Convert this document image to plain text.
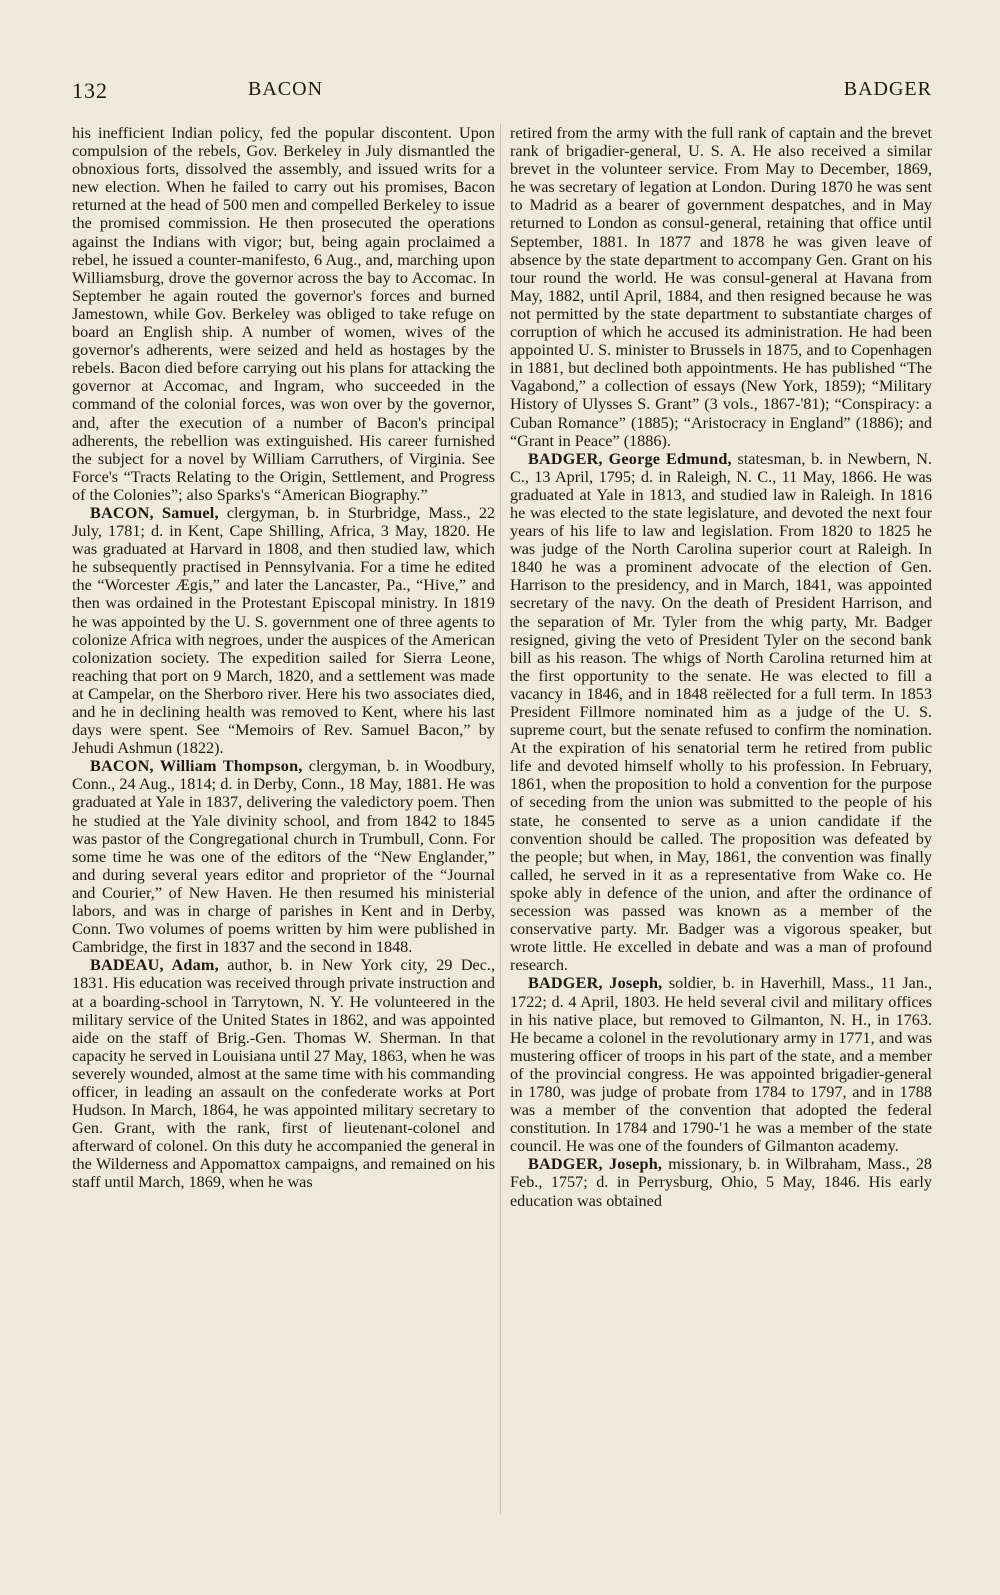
132	BACON	BADGER

his inefficient Indian policy, fed the popular discontent. Upon compulsion of the rebels, Gov. Berkeley in July dismantled the obnoxious forts, dissolved the assembly, and issued writs for a new election. When he failed to carry out his promises, Bacon returned at the head of 500 men and compelled Berkeley to issue the promised commission. He then prosecuted the operations against the Indians with vigor; but, being again proclaimed a rebel, he issued a counter-manifesto, 6 Aug., and, marching upon Williamsburg, drove the governor across the bay to Accomac. In September he again routed the governor's forces and burned Jamestown, while Gov. Berkeley was obliged to take refuge on board an English ship. A number of women, wives of the governor's adherents, were seized and held as hostages by the rebels. Bacon died before carrying out his plans for attacking the governor at Accomac, and Ingram, who succeeded in the command of the colonial forces, was won over by the governor, and, after the execution of a number of Bacon's principal adherents, the rebellion was extinguished. His career furnished the subject for a novel by William Carruthers, of Virginia. See Force's “Tracts Relating to the Origin, Settlement, and Progress of the Colonies”; also Sparks's “American Biography.”

BACON, Samuel, clergyman, b. in Sturbridge, Mass., 22 July, 1781; d. in Kent, Cape Shilling, Africa, 3 May, 1820. He was graduated at Harvard in 1808, and then studied law, which he subsequently practised in Pennsylvania. For a time he edited the “Worcester Ægis,” and later the Lancaster, Pa., “Hive,” and then was ordained in the Protestant Episcopal ministry. In 1819 he was appointed by the U. S. government one of three agents to colonize Africa with negroes, under the auspices of the American colonization society. The expedition sailed for Sierra Leone, reaching that port on 9 March, 1820, and a settlement was made at Campelar, on the Sherboro river. Here his two associates died, and he in declining health was removed to Kent, where his last days were spent. See “Memoirs of Rev. Samuel Bacon,” by Jehudi Ashmun (1822).

BACON, William Thompson, clergyman, b. in Woodbury, Conn., 24 Aug., 1814; d. in Derby, Conn., 18 May, 1881. He was graduated at Yale in 1837, delivering the valedictory poem. Then he studied at the Yale divinity school, and from 1842 to 1845 was pastor of the Congregational church in Trumbull, Conn. For some time he was one of the editors of the “New Englander,” and during several years editor and proprietor of the “Journal and Courier,” of New Haven. He then resumed his ministerial labors, and was in charge of parishes in Kent and in Derby, Conn. Two volumes of poems written by him were published in Cambridge, the first in 1837 and the second in 1848.

BADEAU, Adam, author, b. in New York city, 29 Dec., 1831. His education was received through private instruction and at a boarding-school in Tarrytown, N. Y. He volunteered in the military service of the United States in 1862, and was appointed aide on the staff of Brig.-Gen. Thomas W. Sherman. In that capacity he served in Louisiana until 27 May, 1863, when he was severely wounded, almost at the same time with his commanding officer, in leading an assault on the confederate works at Port Hudson. In March, 1864, he was appointed military secretary to Gen. Grant, with the rank, first of lieutenant-colonel and afterward of colonel. On this duty he accompanied the general in the Wilderness and Appomattox campaigns, and remained on his staff until March, 1869, when he was

retired from the army with the full rank of captain and the brevet rank of brigadier-general, U. S. A. He also received a similar brevet in the volunteer service. From May to December, 1869, he was secretary of legation at London. During 1870 he was sent to Madrid as a bearer of government despatches, and in May returned to London as consul-general, retaining that office until September, 1881. In 1877 and 1878 he was given leave of absence by the state department to accompany Gen. Grant on his tour round the world. He was consul-general at Havana from May, 1882, until April, 1884, and then resigned because he was not permitted by the state department to substantiate charges of corruption of which he accused its administration. He had been appointed U. S. minister to Brussels in 1875, and to Copenhagen in 1881, but declined both appointments. He has published “The Vagabond,” a collection of essays (New York, 1859); “Military History of Ulysses S. Grant” (3 vols., 1867-'81); “Conspiracy: a Cuban Romance” (1885); “Aristocracy in England” (1886); and “Grant in Peace” (1886).

BADGER, George Edmund, statesman, b. in Newbern, N. C., 13 April, 1795; d. in Raleigh, N. C., 11 May, 1866. He was graduated at Yale in 1813, and studied law in Raleigh. In 1816 he was elected to the state legislature, and devoted the next four years of his life to law and legislation. From 1820 to 1825 he was judge of the North Carolina superior court at Raleigh. In 1840 he was a prominent advocate of the election of Gen. Harrison to the presidency, and in March, 1841, was appointed secretary of the navy. On the death of President Harrison, and the separation of Mr. Tyler from the whig party, Mr. Badger resigned, giving the veto of President Tyler on the second bank bill as his reason. The whigs of North Carolina returned him at the first opportunity to the senate. He was elected to fill a vacancy in 1846, and in 1848 reëlected for a full term. In 1853 President Fillmore nominated him as a judge of the U. S. supreme court, but the senate refused to confirm the nomination. At the expiration of his senatorial term he retired from public life and devoted himself wholly to his profession. In February, 1861, when the proposition to hold a convention for the purpose of seceding from the union was submitted to the people of his state, he consented to serve as a union candidate if the convention should be called. The proposition was defeated by the people; but when, in May, 1861, the convention was finally called, he served in it as a representative from Wake co. He spoke ably in defence of the union, and after the ordinance of secession was passed was known as a member of the conservative party. Mr. Badger was a vigorous speaker, but wrote little. He excelled in debate and was a man of profound research.

BADGER, Joseph, soldier, b. in Haverhill, Mass., 11 Jan., 1722; d. 4 April, 1803. He held several civil and military offices in his native place, but removed to Gilmanton, N. H., in 1763. He became a colonel in the revolutionary army in 1771, and was mustering officer of troops in his part of the state, and a member of the provincial congress. He was appointed brigadier-general in 1780, was judge of probate from 1784 to 1797, and in 1788 was a member of the convention that adopted the federal constitution. In 1784 and 1790-'1 he was a member of the state council. He was one of the founders of Gilmanton academy.

BADGER, Joseph, missionary, b. in Wilbraham, Mass., 28 Feb., 1757; d. in Perrysburg, Ohio, 5 May, 1846. His early education was obtained
